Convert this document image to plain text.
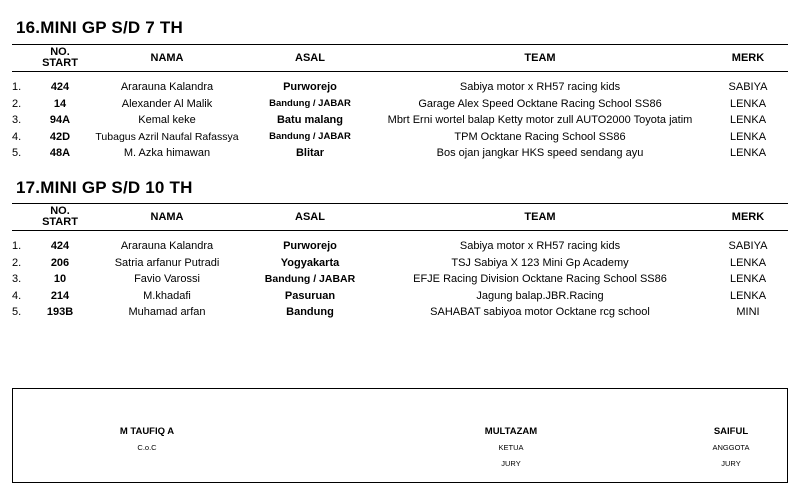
16.MINI GP S/D 7 TH
	NO.
START	NAMA	ASAL	TEAM	MERK

1.	424	Ararauna Kalandra	Purworejo	Sabiya motor x RH57 racing kids	SABIYA
2.	14	Alexander Al Malik	Bandung / JABAR	Garage Alex Speed Ocktane Racing School SS86	LENKA
3.	94A	Kemal keke	Batu malang	Mbrt Erni wortel balap Ketty motor zull AUTO2000 Toyota jatim	LENKA
4.	42D	Tubagus Azril Naufal Rafassya	Bandung / JABAR	TPM Ocktane Racing School SS86	LENKA
5.	48A	M. Azka himawan	Blitar	Bos ojan jangkar HKS speed sendang ayu	LENKA
17.MINI GP S/D 10 TH
	NO.
START	NAMA	ASAL	TEAM	MERK

1.	424	Ararauna Kalandra	Purworejo	Sabiya motor x RH57 racing kids	SABIYA
2.	206	Satria arfanur Putradi	Yogyakarta	TSJ Sabiya X 123 Mini Gp Academy	LENKA
3.	10	Favio Varossi	Bandung / JABAR	EFJE Racing Division Ocktane Racing School SS86	LENKA
4.	214	M.khadafi	Pasuruan	Jagung balap.JBR.Racing	LENKA
5.	193B	Muhamad arfan	Bandung	SAHABAT sabiyoa motor Ocktane rcg school	MINI
M TAUFIQ A
C.o.C
MULTAZAM
KETUA
JURY
SAIFUL
ANGGOTA
JURY
